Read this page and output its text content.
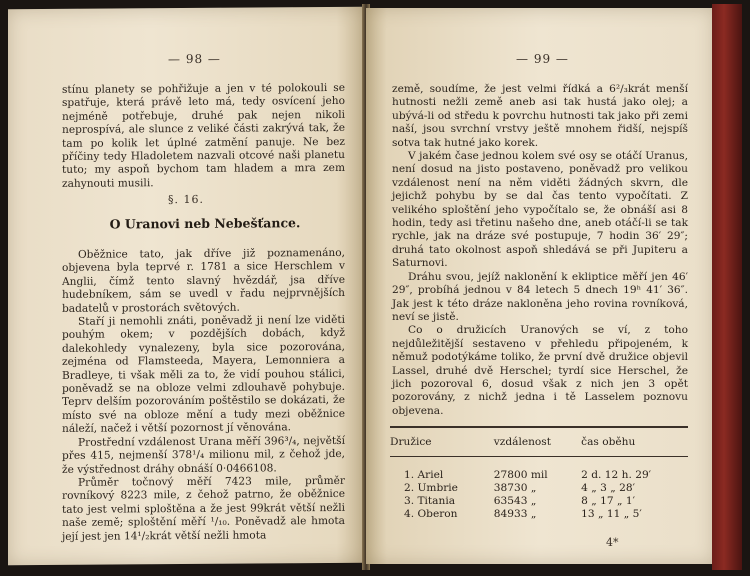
— 98 —

stínu planety se pohřižuje a jen v té polokouli se spatřuje, která právě leto má, tedy osvícení jeho nejméně potřebuje, druhé pak nejen nikoli neprospívá, ale slunce z veliké části zakrývá tak, že tam po kolik let úplné zatmění panuje. Ne bez příčiny tedy Hladoletem nazvali otcové naši planetu tuto; my aspoň bychom tam hladem a mra zem zahynouti musili.

§. 16.
O Uranovi neb Nebešťance.

Oběžnice tato, jak dříve již poznamenáno, objevena byla teprvé r. 1781 a sice Herschlem v Anglii, čímž tento slavný hvězdář, jsa dříve hudebníkem, sám se uvedl v řadu nejprvnějších badatelů v prostorách světových.

Staří ji nemohli znáti, poněvadž ji není lze viděti pouhým okem; v pozdějších dobách, když dalekohledy vynalezeny, byla sice pozorována, zejména od Flamsteeda, Mayera, Lemonniera a Bradleye, ti však měli za to, že vidí pouhou stálici, poněvadž se na obloze velmi zdlouhavě pohybuje. Teprv delším pozorováním poštěstilo se dokázati, že místo své na obloze mění a tudy mezi oběžnice náleží, načež i větší pozornost jí věnována.

Prostřední vzdálenost Urana měří 396³/₄, největší přes 415, nejmenší 378¹/₄ milionu mil, z čehož jde, že výstřednost dráhy obnáší 0·0466108.

Průměr točnový měří 7423 mile, průměr rovníkový 8223 mile, z čehož patrno, že oběžnice tato jest velmi sploštěna a že jest 99krát větší nežli naše země; sploštění měří ¹/₁₀. Poněvadž ale hmota její jest jen 14¹/₂krát větší nežli hmota

— 99 —

země, soudíme, že jest velmi řídká a 6²/₃krát menší hutnosti nežli země aneb asi tak hustá jako olej; a ubývá-li od středu k povrchu hutnosti tak jako při zemi naší, jsou svrchní vrstvy ještě mnohem řidší, nejspíš sotva tak hutné jako korek.

V jakém čase jednou kolem své osy se otáčí Uranus, není dosud na jisto postaveno, poněvadž pro velikou vzdálenost není na něm viděti žádných skvrn, dle jejichž pohybu by se dal čas tento vypočítati. Z velikého sploštění jeho vypočítalo se, že obnáší asi 8 hodin, tedy asi třetinu našeho dne, aneb otáčí-li se tak rychle, jak na dráze své postupuje, 7 hodin 36′ 29″; druhá tato okolnost aspoň shledává se při Jupiteru a Saturnovi.

Dráhu svou, jejíž naklonění k ekliptice měří jen 46′ 29″, probíhá jednou v 84 letech 5 dnech 19ʰ 41′ 36″. Jak jest k této dráze nakloněna jeho rovina rovníková, neví se jistě.

Co o družicích Uranových se ví, z toho nejdůležitější sestaveno v přehledu připojeném, k němuž podotýkáme toliko, že první dvě družice objevil Lassel, druhé dvě Herschel; tyrdí sice Herschel, že jich pozoroval 6, dosud však z nich jen 3 opět pozorovány, z nichž jedna i tě Lasselem poznovu objevena.

Družice	vzdálenost	čas oběhu

1. Ariel	27800 mil	2 d. 12 h. 29′
2. Umbrie	38730 „	4 „ 3 „ 28′
3. Titania	63543 „	8 „ 17 „ 1′
4. Oberon	84933 „	13 „ 11 „ 5′
4*
